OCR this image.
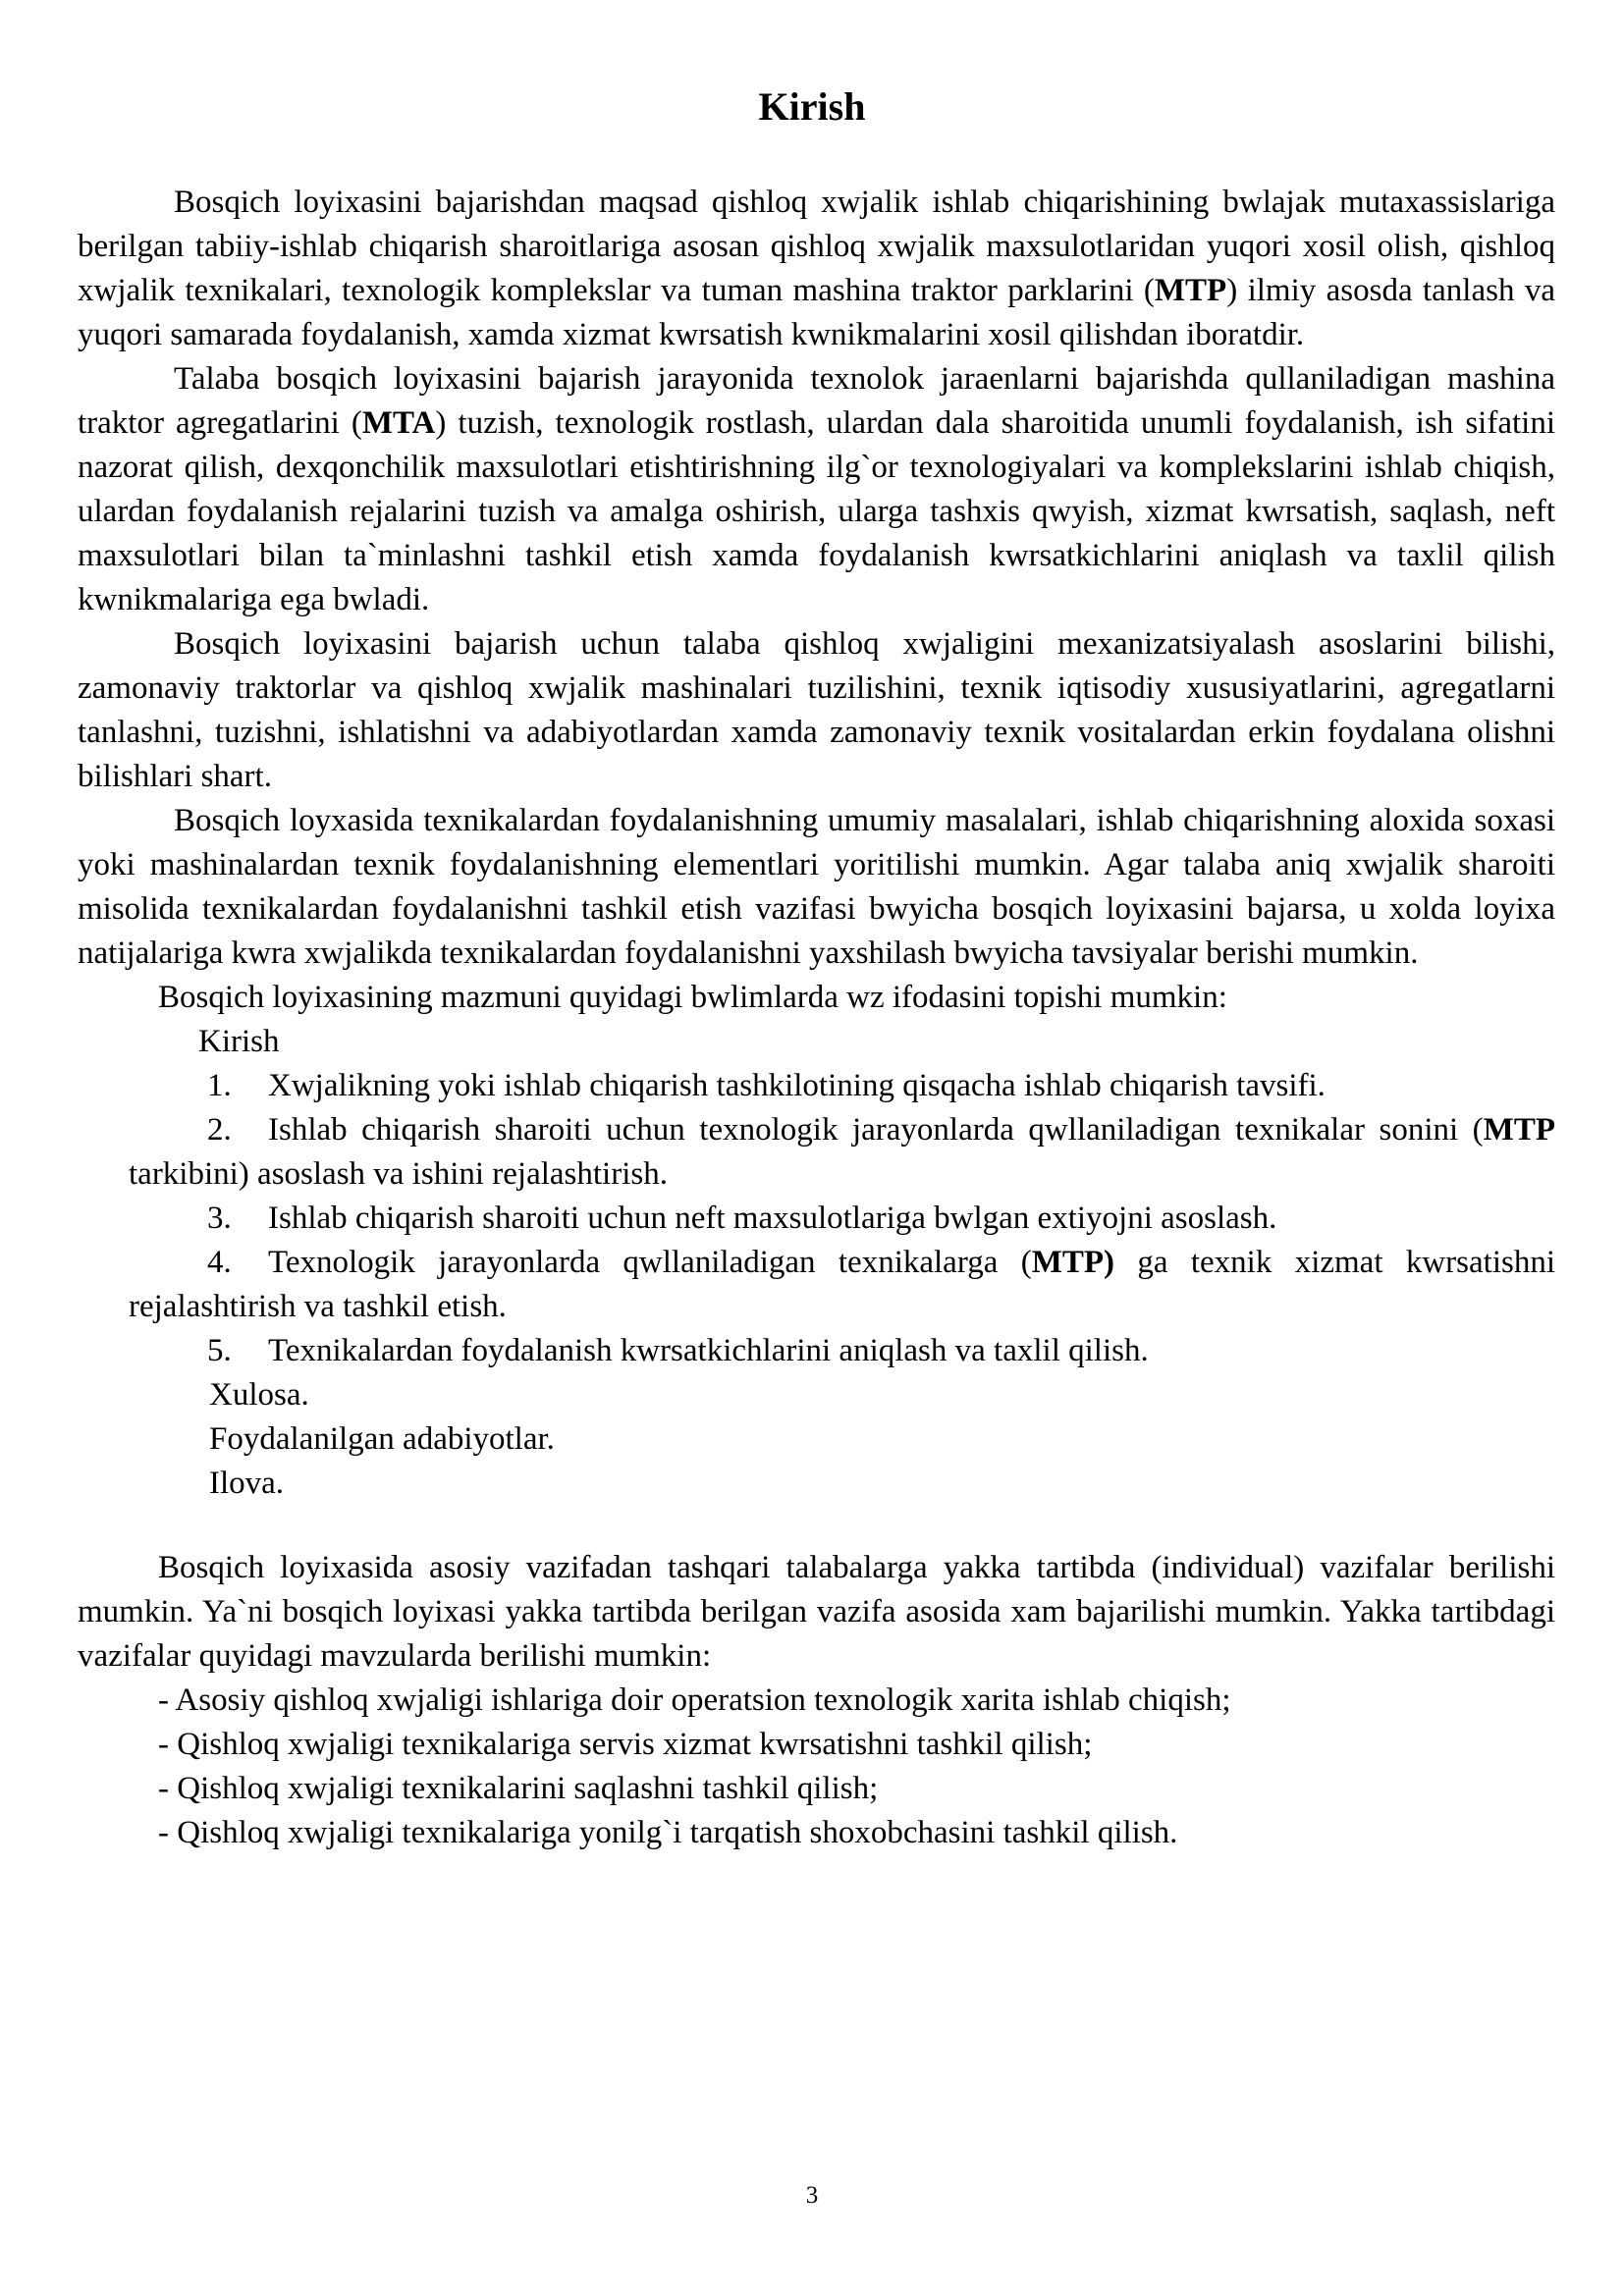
Kirish

Bosqich loyixasini bajarishdan maqsad qishloq xwjalik ishlab chiqarishining bwlajak mutaxassislariga berilgan tabiiy-ishlab chiqarish sharoitlariga asosan qishloq xwjalik maxsulotlaridan yuqori xosil olish, qishloq xwjalik texnikalari, texnologik komplekslar va tuman mashina traktor parklarini (MTP) ilmiy asosda tanlash va yuqori samarada foydalanish, xamda xizmat kwrsatish kwnikmalarini xosil qilishdan iboratdir.

Talaba bosqich loyixasini bajarish jarayonida texnolok jaraenlarni bajarishda qullaniladigan mashina traktor agregatlarini (MTA) tuzish, texnologik rostlash, ulardan dala sharoitida unumli foydalanish, ish sifatini nazorat qilish, dexqonchilik maxsulotlari etishtirishning ilg`or texnologiyalari va komplekslarini ishlab chiqish, ulardan foydalanish rejalarini tuzish va amalga oshirish, ularga tashxis qwyish, xizmat kwrsatish, saqlash, neft maxsulotlari bilan ta`minlashni tashkil etish xamda foydalanish kwrsatkichlarini aniqlash va taxlil qilish kwnikmalariga ega bwladi.

Bosqich loyixasini bajarish uchun talaba qishloq xwjaligini mexanizatsiyalash asoslarini bilishi, zamonaviy traktorlar va qishloq xwjalik mashinalari tuzilishini, texnik iqtisodiy xususiyatlarini, agregatlarni tanlashni, tuzishni, ishlatishni va adabiyotlardan xamda zamonaviy texnik vositalardan erkin foydalana olishni bilishlari shart.

Bosqich loyxasida texnikalardan foydalanishning umumiy masalalari, ishlab chiqarishning aloxida soxasi yoki mashinalardan texnik foydalanishning elementlari yoritilishi mumkin. Agar talaba aniq xwjalik sharoiti misolida texnikalardan foydalanishni tashkil etish vazifasi bwyicha bosqich loyixasini bajarsa, u xolda loyixa natijalariga kwra xwjalikda texnikalardan foydalanishni yaxshilash bwyicha tavsiyalar berishi mumkin.

Bosqich loyixasining mazmuni quyidagi bwlimlarda wz ifodasini topishi mumkin:

Kirish

1. Xwjalikning yoki ishlab chiqarish tashkilotining qisqacha ishlab chiqarish tavsifi.

2. Ishlab chiqarish sharoiti uchun texnologik jarayonlarda qwllaniladigan texnikalar sonini (MTP tarkibini) asoslash va ishini rejalashtirish.

3. Ishlab chiqarish sharoiti uchun neft maxsulotlariga bwlgan extiyojni asoslash.

4. Texnologik jarayonlarda qwllaniladigan texnikalarga (MTP) ga texnik xizmat kwrsatishni rejalashtirish va tashkil etish.

5. Texnikalardan foydalanish kwrsatkichlarini aniqlash va taxlil qilish.

Xulosa.

Foydalanilgan adabiyotlar.

Ilova.

Bosqich loyixasida asosiy vazifadan tashqari talabalarga yakka tartibda (individual) vazifalar berilishi mumkin. Ya`ni bosqich loyixasi yakka tartibda berilgan vazifa asosida xam bajarilishi mumkin. Yakka tartibdagi vazifalar quyidagi mavzularda berilishi mumkin:

- Asosiy qishloq xwjaligi ishlariga doir operatsion texnologik xarita ishlab chiqish;

- Qishloq xwjaligi texnikalariga servis xizmat kwrsatishni tashkil qilish;

- Qishloq xwjaligi texnikalarini saqlashni tashkil qilish;

- Qishloq xwjaligi texnikalariga yonilg`i tarqatish shoxobchasini tashkil qilish.

3
